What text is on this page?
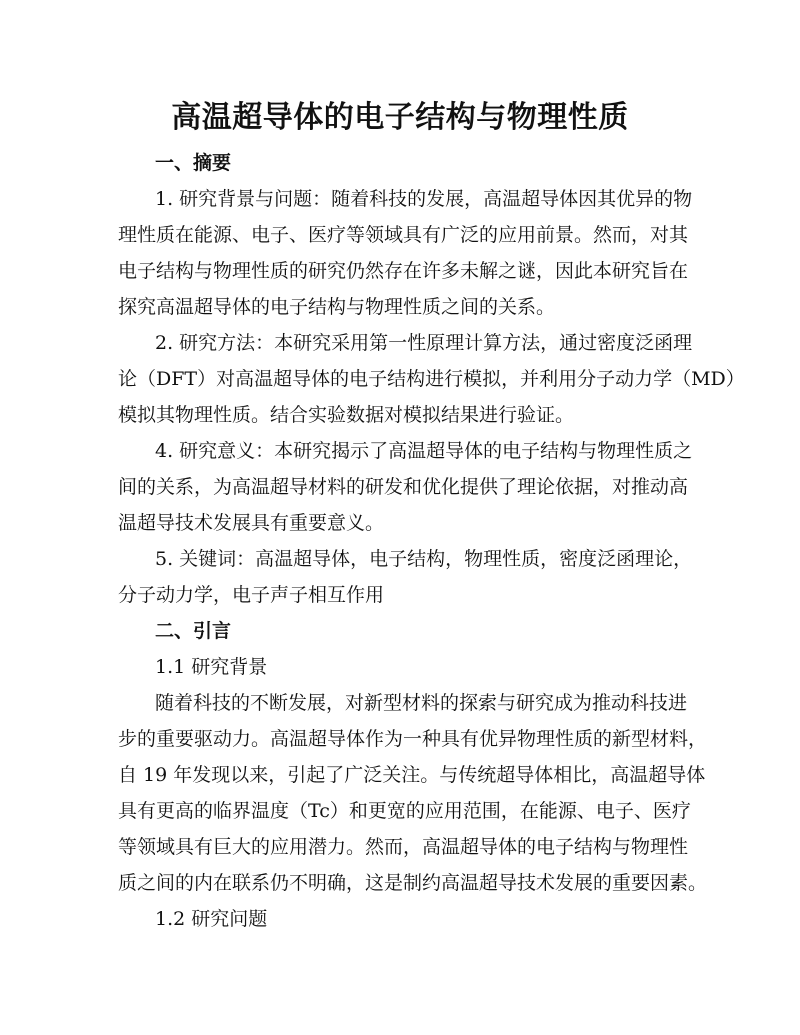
高温超导体的电子结构与物理性质
一、摘要
1. 研究背景与问题：随着科技的发展，高温超导体因其优异的物
理性质在能源、电子、医疗等领域具有广泛的应用前景。然而，对其
电子结构与物理性质的研究仍然存在许多未解之谜，因此本研究旨在
探究高温超导体的电子结构与物理性质之间的关系。
2. 研究方法：本研究采用第一性原理计算方法，通过密度泛函理
论（DFT）对高温超导体的电子结构进行模拟，并利用分子动力学（MD）
模拟其物理性质。结合实验数据对模拟结果进行验证。
4. 研究意义：本研究揭示了高温超导体的电子结构与物理性质之
间的关系，为高温超导材料的研发和优化提供了理论依据，对推动高
温超导技术发展具有重要意义。
5. 关键词：高温超导体，电子结构，物理性质，密度泛函理论，
分子动力学，电子声子相互作用
二、引言
1.1 研究背景
随着科技的不断发展，对新型材料的探索与研究成为推动科技进
步的重要驱动力。高温超导体作为一种具有优异物理性质的新型材料，
自 19 年发现以来，引起了广泛关注。与传统超导体相比，高温超导体
具有更高的临界温度（Tc）和更宽的应用范围，在能源、电子、医疗
等领域具有巨大的应用潜力。然而，高温超导体的电子结构与物理性
质之间的内在联系仍不明确，这是制约高温超导技术发展的重要因素。
1.2 研究问题
